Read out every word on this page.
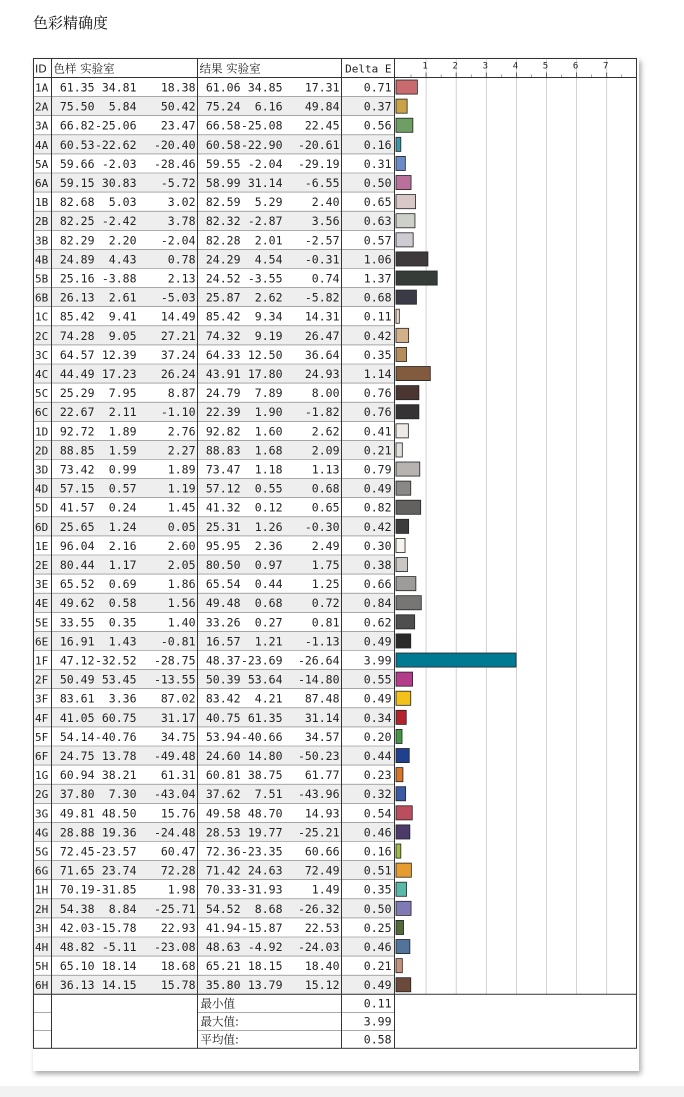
色彩精确度
ID 色样 实验室	结果 实验室	Delta E	1	2	3	4	5	6	7
1A 61.35 34.81 18.38 61.06 34.85 17.31 0.71
2A 75.50 5.84 50.42 75.24 6.16 49.84 0.37
3A 66.82 -25.06 23.47 66.58 -25.08 22.45 0.56
4A 60.53 -22.62 -20.40 60.58 -22.90 -20.61 0.16
5A 59.66 -2.03 -28.46 59.55 -2.04 -29.19 0.31
6A 59.15 30.83 -5.72 58.99 31.14 -6.55 0.50
1B 82.68 5.03	3.02 82.59 5.29	2.40 0.65
2B 82.25 -2.42	3.78 82.32 -2.87	3.56 0.63
3B 82.29 2.20 -2.04 82.28 2.01 -2.57 0.57
4B 24.89 4.43	0.78 24.29 4.54 -0.31 1.06
5B 25.16 -3.88	2.13 24.52 -3.55	0.74 1.37
6B 26.13 2.61 -5.03 25.87 2.62 -5.82 0.68
1C 85.42 9.41 14.49 85.42 9.34 14.31 0.11
2C 74.28 9.05 27.21 74.32 9.19 26.47 0.42
3C 64.57 12.39 37.24 64.33 12.50 36.64 0.35
4C 44.49 17.23 26.24 43.91 17.80 24.93 1.14
5C 25.29 7.95	8.87 24.79 7.89	8.00 0.76
6C 22.67 2.11 -1.10 22.39 1.90 -1.82 0.76
1D 92.72 1.89	2.76 92.82 1.60	2.62 0.41
2D 88.85 1.59	2.27 88.83 1.68	2.09 0.21
3D 73.42 0.99	1.89 73.47 1.18	1.13 0.79
4D 57.15 0.57	1.19 57.12 0.55	0.68 0.49
5D 41.57 0.24	1.45 41.32 0.12	0.65 0.82
6D 25.65 1.24	0.05 25.31 1.26 -0.30 0.42
1E 96.04 2.16	2.60 95.95 2.36	2.49 0.30
2E 80.44 1.17	2.05 80.50 0.97	1.75 0.38
3E 65.52 0.69	1.86 65.54 0.44	1.25 0.66
4E 49.62 0.58	1.56 49.48 0.68	0.72 0.84
5E 33.55 0.35	1.40 33.26 0.27	0.81 0.62
6E 16.91 1.43 -0.81 16.57 1.21 -1.13 0.49
1F 47.12 -32.52 -28.75 48.37 -23.69 -26.64 3.99
2F 50.49 53.45 -13.55 50.39 53.64 -14.80 0.55
3F 83.61 3.36 87.02 83.42 4.21 87.48 0.49
4F 41.05 60.75 31.17 40.75 61.35 31.14 0.34
5F 54.14 -40.76 34.75 53.94 -40.66 34.57 0.20
6F 24.75 13.78 -49.48 24.60 14.80 -50.23 0.44
1G 60.94 38.21 61.31 60.81 38.75 61.77 0.23
2G 37.80 7.30 -43.04 37.62 7.51 -43.96 0.32
3G 49.81 48.50 15.76 49.58 48.70 14.93 0.54
4G 28.88 19.36 -24.48 28.53 19.77 -25.21 0.46
5G 72.45 -23.57 60.47 72.36 -23.35 60.66 0.16
6G 71.65 23.74 72.28 71.42 24.63 72.49 0.51
1H 70.19 -31.85	1.98 70.33 -31.93	1.49 0.35
2H 54.38 8.84 -25.71 54.52 8.68 -26.32 0.50
3H 42.03 -15.78 22.93 41.94 -15.87 22.53 0.25
4H 48.82 -5.11 -23.08 48.63 -4.92 -24.03 0.46
5H 65.10 18.14 18.68 65.21 18.15 18.40 0.21
6H 36.13 14.15 15.78 35.80 13.79 15.12 0.49
最小值	0.11
最大值:	3.99
平均值:	0.58
